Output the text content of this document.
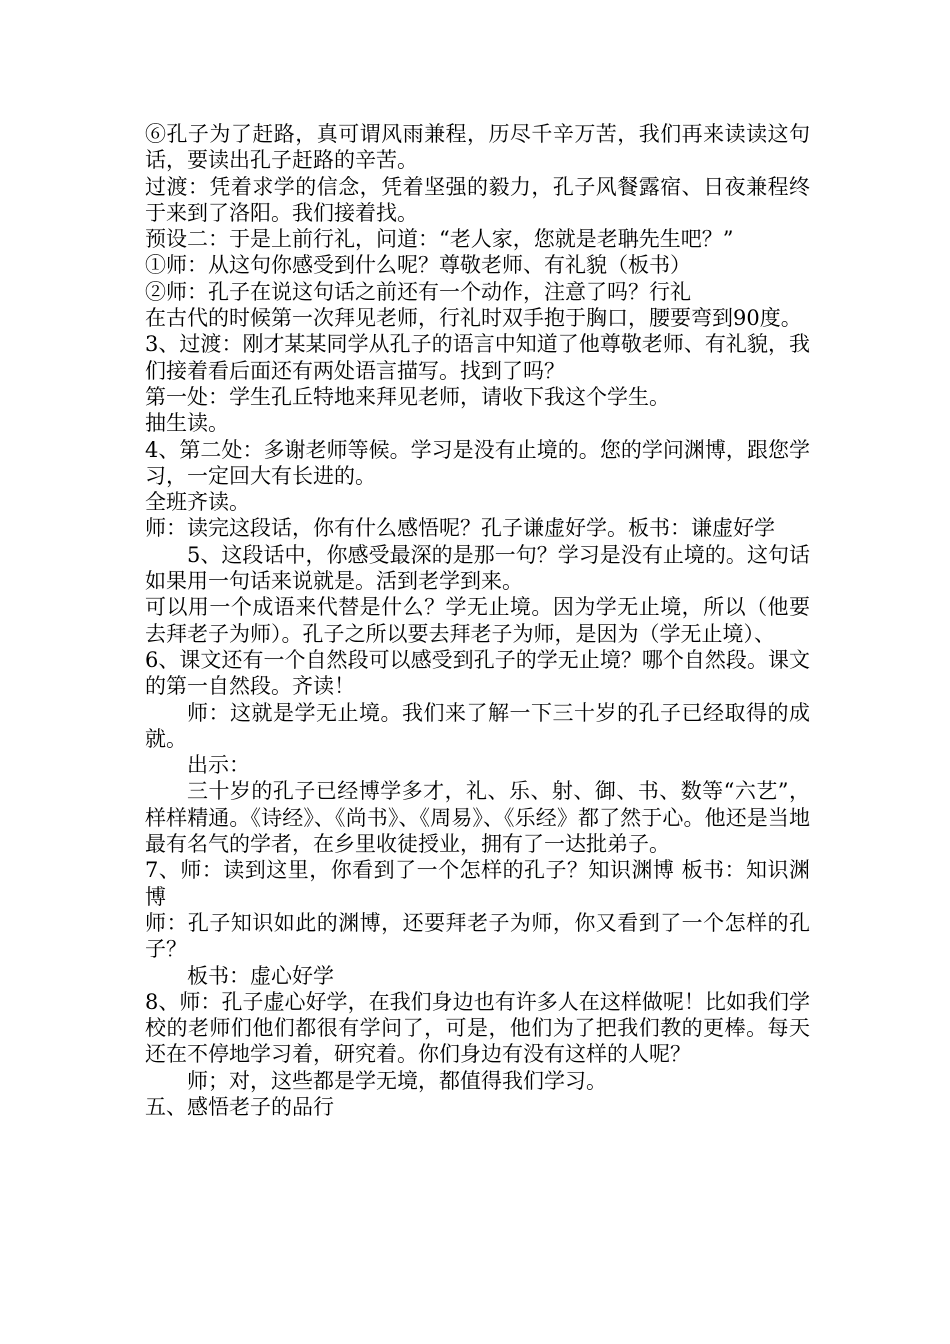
⑥孔子为了赶路，真可谓风雨兼程，历尽千辛万苦，我们再来读读这句话，要读出孔子赶路的辛苦。

过渡：凭着求学的信念，凭着坚强的毅力，孔子风餐露宿、日夜兼程终于来到了洛阳。我们接着找。

预设二：于是上前行礼，问道：“老人家，您就是老聃先生吧？”

①师：从这句你感受到什么呢？尊敬老师、有礼貌（板书）

②师：孔子在说这句话之前还有一个动作，注意了吗？行礼

在古代的时候第一次拜见老师，行礼时双手抱于胸口，腰要弯到90度。

3、过渡：刚才某某同学从孔子的语言中知道了他尊敬老师、有礼貌，我们接着看后面还有两处语言描写。找到了吗？

第一处：学生孔丘特地来拜见老师，请收下我这个学生。

抽生读。

4、第二处：多谢老师等候。学习是没有止境的。您的学问渊博，跟您学习，一定回大有长进的。

全班齐读。

师：读完这段话，你有什么感悟呢？孔子谦虚好学。板书：谦虚好学

5、这段话中，你感受最深的是那一句？学习是没有止境的。这句话如果用一句话来说就是。活到老学到来。

可以用一个成语来代替是什么？学无止境。因为学无止境，所以（他要去拜老子为师）。孔子之所以要去拜老子为师，是因为（学无止境）、

6、课文还有一个自然段可以感受到孔子的学无止境？哪个自然段。课文的第一自然段。齐读！

师：这就是学无止境。我们来了解一下三十岁的孔子已经取得的成就。

出示：

三十岁的孔子已经博学多才，礼、乐、射、御、书、数等“六艺”，样样精通。《诗经》、《尚书》、《周易》、《乐经》都了然于心。他还是当地最有名气的学者，在乡里收徒授业，拥有了一达批弟子。

7、师：读到这里，你看到了一个怎样的孔子？知识渊博 板书：知识渊博

师：孔子知识如此的渊博，还要拜老子为师，你又看到了一个怎样的孔子？

板书：虚心好学

8、师：孔子虚心好学，在我们身边也有许多人在这样做呢！比如我们学校的老师们他们都很有学问了，可是，他们为了把我们教的更棒。每天还在不停地学习着，研究着。你们身边有没有这样的人呢？

师；对，这些都是学无境，都值得我们学习。

五、感悟老子的品行
